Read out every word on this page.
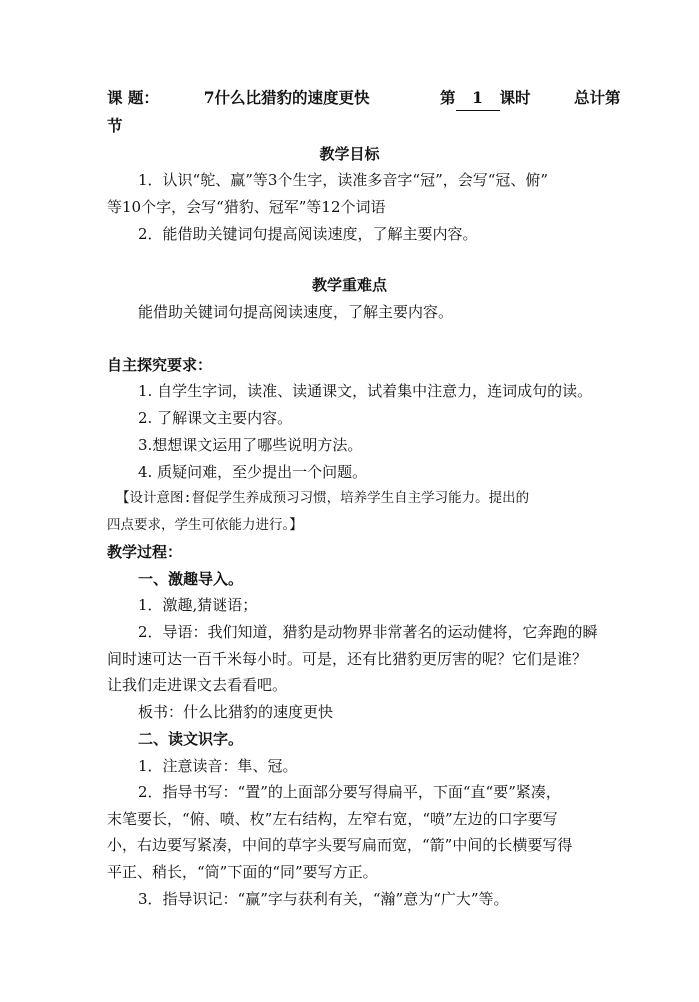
课 题：	7什么比猎豹的速度更快	第 1 课时	总计第
节
教学目标
1．认识“鸵、赢”等3个生字，读准多音字“冠”，会写“冠、俯”
等10个字，会写“猎豹、冠军”等12个词语
2．能借助关键词句提高阅读速度，了解主要内容。
教学重难点
能借助关键词句提高阅读速度，了解主要内容。
自主探究要求：
1. 自学生字词，读准、读通课文，试着集中注意力，连词成句的读。
2. 了解课文主要内容。
3.想想课文运用了哪些说明方法。
4. 质疑问难，至少提出一个问题。
【设计意图:督促学生养成预习习惯，培养学生自主学习能力。提出的
四点要求，学生可依能力进行。】
教学过程：
一、激趣导入。
1．激趣,猜谜语；
2．导语：我们知道，猎豹是动物界非常著名的运动健将，它奔跑的瞬
间时速可达一百千米每小时。可是，还有比猎豹更厉害的呢？它们是谁？
让我们走进课文去看看吧。
板书：什么比猎豹的速度更快
二、读文识字。
1．注意读音：隼、冠。
2．指导书写：“置”的上面部分要写得扁平，下面“直“要”紧凑，
末笔要长，“俯、喷、枚”左右结构，左窄右宽，“喷”左边的口字要写
小，右边要写紧凑，中间的草字头要写扁而宽，“箭”中间的长横要写得
平正、稍长，“筒”下面的“同”要写方正。
3．指导识记：“赢”字与获利有关，“瀚”意为“广大”等。
